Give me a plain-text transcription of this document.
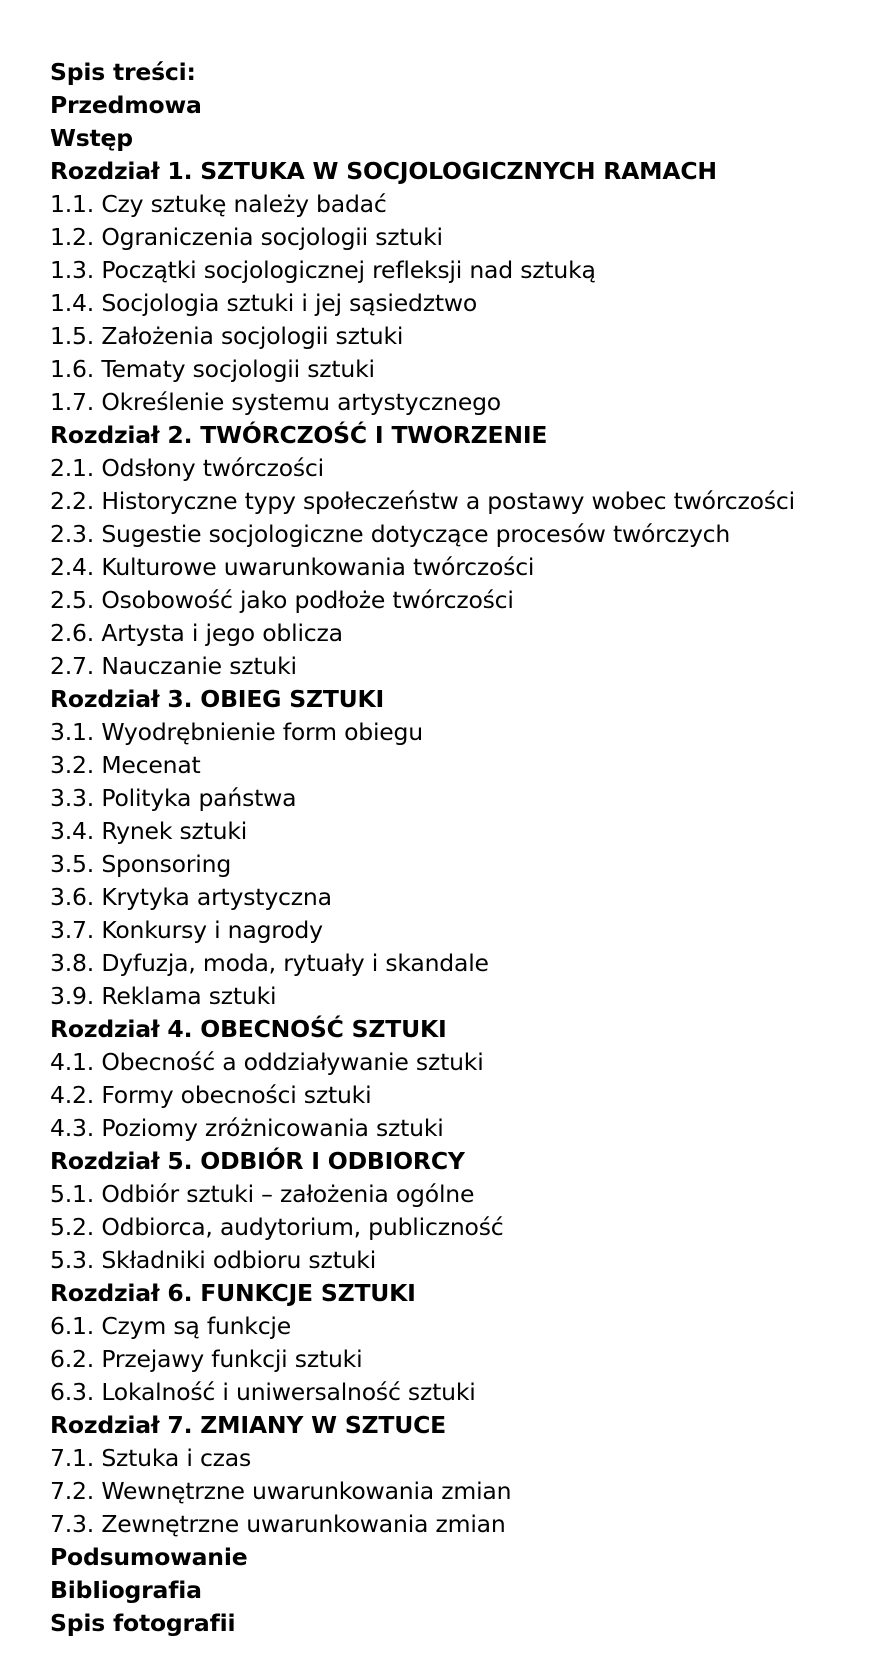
Spis treści:
Przedmowa
Wstęp
Rozdział 1. SZTUKA W SOCJOLOGICZNYCH RAMACH
1.1. Czy sztukę należy badać
1.2. Ograniczenia socjologii sztuki
1.3. Początki socjologicznej refleksji nad sztuką
1.4. Socjologia sztuki i jej sąsiedztwo
1.5. Założenia socjologii sztuki
1.6. Tematy socjologii sztuki
1.7. Określenie systemu artystycznego
Rozdział 2. TWÓRCZOŚĆ I TWORZENIE
2.1. Odsłony twórczości
2.2. Historyczne typy społeczeństw a postawy wobec twórczości
2.3. Sugestie socjologiczne dotyczące procesów twórczych
2.4. Kulturowe uwarunkowania twórczości
2.5. Osobowość jako podłoże twórczości
2.6. Artysta i jego oblicza
2.7. Nauczanie sztuki
Rozdział 3. OBIEG SZTUKI
3.1. Wyodrębnienie form obiegu
3.2. Mecenat
3.3. Polityka państwa
3.4. Rynek sztuki
3.5. Sponsoring
3.6. Krytyka artystyczna
3.7. Konkursy i nagrody
3.8. Dyfuzja, moda, rytuały i skandale
3.9. Reklama sztuki
Rozdział 4. OBECNOŚĆ SZTUKI
4.1. Obecność a oddziaływanie sztuki
4.2. Formy obecności sztuki
4.3. Poziomy zróżnicowania sztuki
Rozdział 5. ODBIÓR I ODBIORCY
5.1. Odbiór sztuki – założenia ogólne
5.2. Odbiorca, audytorium, publiczność
5.3. Składniki odbioru sztuki
Rozdział 6. FUNKCJE SZTUKI
6.1. Czym są funkcje
6.2. Przejawy funkcji sztuki
6.3. Lokalność i uniwersalność sztuki
Rozdział 7. ZMIANY W SZTUCE
7.1. Sztuka i czas
7.2. Wewnętrzne uwarunkowania zmian
7.3. Zewnętrzne uwarunkowania zmian
Podsumowanie
BibIiografia
Spis fotografii
